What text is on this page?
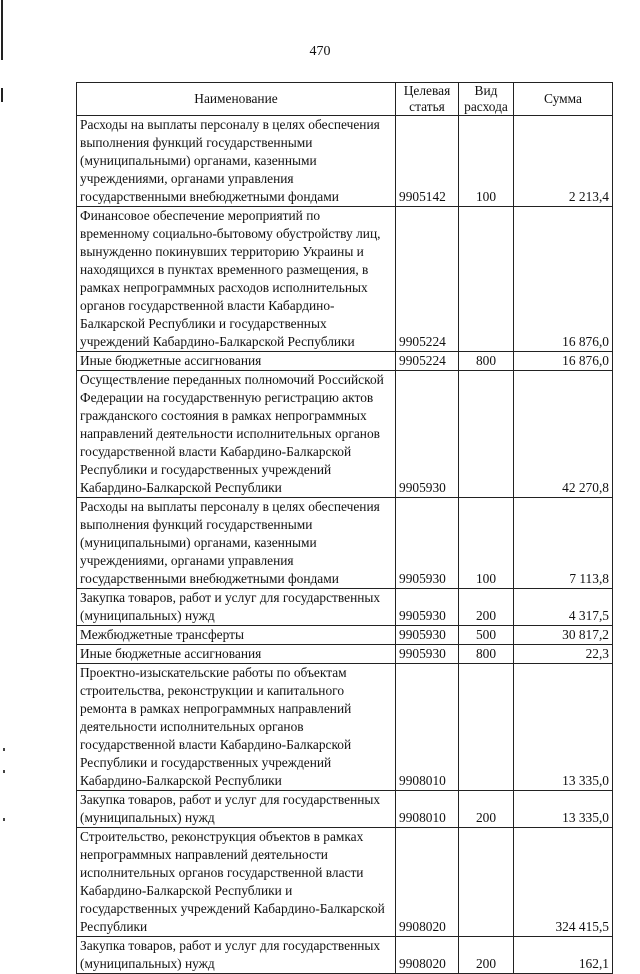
470
Наименование	Целевая статья	Вид расхода	Сумма
Расходы на выплаты персоналу в целях обеспечения выполнения функций государственными (муниципальными) органами, казенными учреждениями, органами управления государственными внебюджетными фондами	9905142	100	2 213,4
Финансовое обеспечение мероприятий по временному социально-бытовому обустройству лиц, вынужденно покинувших территорию Украины и находящихся в пунктах временного размещения, в рамках непрограммных расходов исполнительных органов государственной власти Кабардино-Балкарской Республики и государственных учреждений Кабардино-Балкарской Республики	9905224		16 876,0
Иные бюджетные ассигнования	9905224	800	16 876,0
Осуществление переданных полномочий Российской Федерации на государственную регистрацию актов гражданского состояния в рамках непрограммных направлений деятельности исполнительных органов государственной власти Кабардино-Балкарской Республики и государственных учреждений Кабардино-Балкарской Республики	9905930		42 270,8
Расходы на выплаты персоналу в целях обеспечения выполнения функций государственными (муниципальными) органами, казенными учреждениями, органами управления государственными внебюджетными фондами	9905930	100	7 113,8
Закупка товаров, работ и услуг для государственных (муниципальных) нужд	9905930	200	4 317,5
Межбюджетные трансферты	9905930	500	30 817,2
Иные бюджетные ассигнования	9905930	800	22,3
Проектно-изыскательские работы по объектам строительства, реконструкции и капитального ремонта в рамках непрограммных направлений деятельности исполнительных органов государственной власти Кабардино-Балкарской Республики и государственных учреждений Кабардино-Балкарской Республики	9908010		13 335,0
Закупка товаров, работ и услуг для государственных (муниципальных) нужд	9908010	200	13 335,0
Строительство, реконструкция объектов в рамках непрограммных направлений деятельности исполнительных органов государственной власти Кабардино-Балкарской Республики и государственных учреждений Кабардино-Балкарской Республики	9908020		324 415,5
Закупка товаров, работ и услуг для государственных (муниципальных) нужд	9908020	200	162,1
